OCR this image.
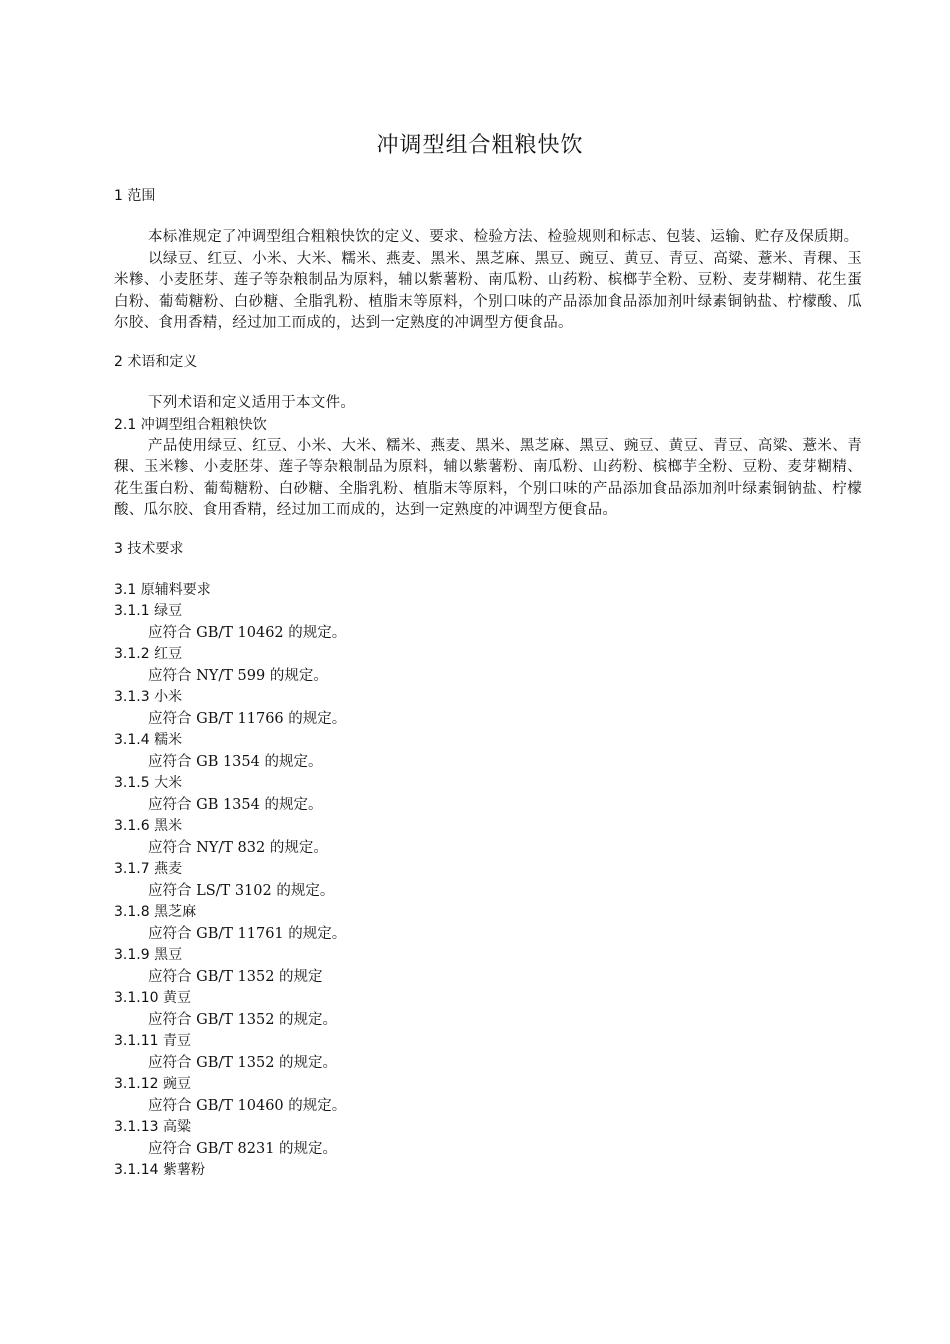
冲调型组合粗粮快饮
1 范围
本标准规定了冲调型组合粗粮快饮的定义、要求、检验方法、检验规则和标志、包装、运输、贮存及保质期。
以绿豆、红豆、小米、大米、糯米、燕麦、黑米、黑芝麻、黑豆、豌豆、黄豆、青豆、高粱、薏米、青稞、玉米糁、小麦胚芽、莲子等杂粮制品为原料，辅以紫薯粉、南瓜粉、山药粉、槟榔芋全粉、豆粉、麦芽糊精、花生蛋白粉、葡萄糖粉、白砂糖、全脂乳粉、植脂末等原料，个别口味的产品添加食品添加剂叶绿素铜钠盐、柠檬酸、瓜尔胶、食用香精，经过加工而成的，达到一定熟度的冲调型方便食品。
2 术语和定义
下列术语和定义适用于本文件。
2.1 冲调型组合粗粮快饮
产品使用绿豆、红豆、小米、大米、糯米、燕麦、黑米、黑芝麻、黑豆、豌豆、黄豆、青豆、高粱、薏米、青稞、玉米糁、小麦胚芽、莲子等杂粮制品为原料，辅以紫薯粉、南瓜粉、山药粉、槟榔芋全粉、豆粉、麦芽糊精、花生蛋白粉、葡萄糖粉、白砂糖、全脂乳粉、植脂末等原料，个别口味的产品添加食品添加剂叶绿素铜钠盐、柠檬酸、瓜尔胶、食用香精，经过加工而成的，达到一定熟度的冲调型方便食品。
3 技术要求
3.1 原辅料要求
3.1.1 绿豆
应符合 GB/T 10462 的规定。
3.1.2 红豆
应符合 NY/T 599 的规定。
3.1.3 小米
应符合 GB/T 11766 的规定。
3.1.4 糯米
应符合 GB 1354 的规定。
3.1.5 大米
应符合 GB 1354 的规定。
3.1.6 黑米
应符合 NY/T 832 的规定。
3.1.7 燕麦
应符合 LS/T 3102 的规定。
3.1.8 黑芝麻
应符合 GB/T 11761 的规定。
3.1.9 黑豆
应符合 GB/T 1352 的规定
3.1.10 黄豆
应符合 GB/T 1352 的规定。
3.1.11 青豆
应符合 GB/T 1352 的规定。
3.1.12 豌豆
应符合 GB/T 10460 的规定。
3.1.13 高粱
应符合 GB/T 8231 的规定。
3.1.14 紫薯粉
